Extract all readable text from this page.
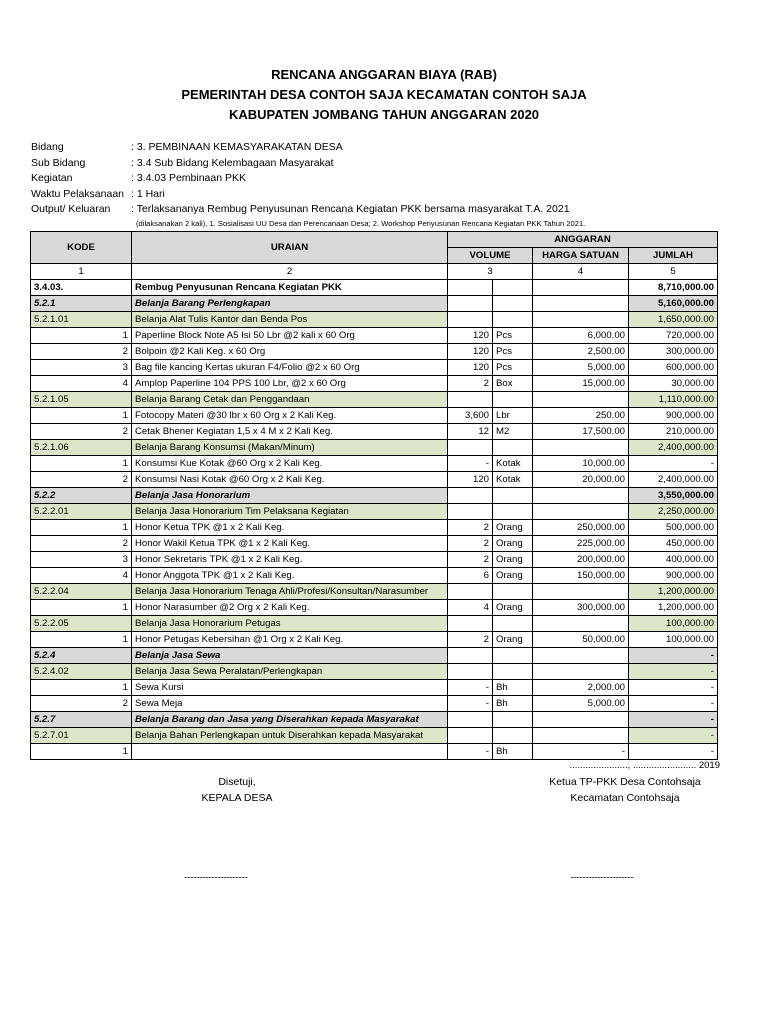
RENCANA ANGGARAN BIAYA (RAB)
PEMERINTAH DESA CONTOH SAJA KECAMATAN CONTOH SAJA
KABUPATEN JOMBANG TAHUN ANGGARAN 2020
Bidang	: 3. PEMBINAAN KEMASYARAKATAN DESA
Sub Bidang	: 3.4 Sub Bidang Kelembagaan Masyarakat
Kegiatan	: 3.4.03 Pembinaan PKK
Waktu Pelaksanaan : 1 Hari
Output/ Keluaran : Terlaksananya Rembug Penyusunan Rencana Kegiatan PKK bersama masyarakat T.A. 2021
(dilaksanakan 2 kali), 1. Sosialisasi UU Desa dan Perencanaan Desa; 2. Workshop Penyusunan Rencana Kegiatan PKK Tahun 2021.
KODE	URAIAN	ANGGARAN			
		VOLUME		HARGA SATUAN	JUMLAH
1	2	3		4	5
3.4.03.	Rembug Penyusunan Rencana Kegiatan PKK				8,710,000.00
5.2.1	Belanja Barang Perlengkapan				5,160,000.00
5.2.1.01	Belanja Alat Tulis Kantor dan Benda Pos				1,650,000.00
1	Paperline Block Note A5 Isi 50 Lbr @2 kali x 60 Org	120	Pcs	6,000.00	720,000.00
2	Bolpoin @2 Kali Keg. x 60 Org	120	Pcs	2,500.00	300,000.00
3	Bag file kancing Kertas ukuran F4/Folio @2 x 60 Org	120	Pcs	5,000.00	600,000.00
4	Amplop Paperline 104 PPS 100 Lbr, @2 x 60 Org	2	Box	15,000.00	30,000.00
5.2.1.05	Belanja Barang Cetak dan Penggandaan				1,110,000.00
1	Fotocopy Materi @30 lbr x 60 Org x 2 Kali Keg.	3,600	Lbr	250.00	900,000.00
2	Cetak Bhener Kegiatan 1,5 x 4 M x 2 Kali Keg.	12	M2	17,500.00	210,000.00
5.2.1.06	Belanja Barang Konsumsi (Makan/Minum)				2,400,000.00
1	Konsumsi Kue Kotak @60 Org x 2 Kali Keg.	-	Kotak	10,000.00	-
2	Konsumsi Nasi Kotak @60 Org x 2 Kali Keg.	120	Kotak	20,000.00	2,400,000.00
5.2.2	Belanja Jasa Honorarium				3,550,000.00
5.2.2.01	Belanja Jasa Honorarium Tim Pelaksana Kegiatan				2,250,000.00
1	Honor Ketua TPK @1 x 2 Kali Keg.	2	Orang	250,000.00	500,000.00
2	Honor Wakil Ketua TPK @1 x 2 Kali Keg.	2	Orang	225,000.00	450,000.00
3	Honor Sekretaris TPK @1 x 2 Kali Keg.	2	Orang	200,000.00	400,000.00
4	Honor Anggota TPK @1 x 2 Kali Keg.	6	Orang	150,000.00	900,000.00
5.2.2.04	Belanja Jasa Honorarium Tenaga Ahli/Profesi/Konsultan/Narasumber				1,200,000.00
1	Honor Narasumber @2 Org x 2 Kali Keg.	4	Orang	300,000.00	1,200,000.00
5.2.2.05	Belanja Jasa Honorarium Petugas				100,000.00
1	Honor Petugas Kebersihan @1 Org x 2 Kali Keg.	2	Orang	50,000.00	100,000.00
5.2.4	Belanja Jasa Sewa				-
5.2.4.02	Belanja Jasa Sewa Peralatan/Perlengkapan				-
1	Sewa Kursi	-	Bh	2,000.00	-
2	Sewa Meja	-	Bh	5,000.00	-
5.2.7	Belanja Barang dan Jasa yang Diserahkan kepada Masyarakat				-
5.2.7.01	Belanja Bahan Perlengkapan untuk Diserahkan kepada Masyarakat				-
1		-	Bh	-	-
......................, ........................ 2019
Disetuji,
KEPALA DESA
Ketua TP-PKK Desa Contohsaja
Kecamatan Contohsaja
..........................................	..........................................
